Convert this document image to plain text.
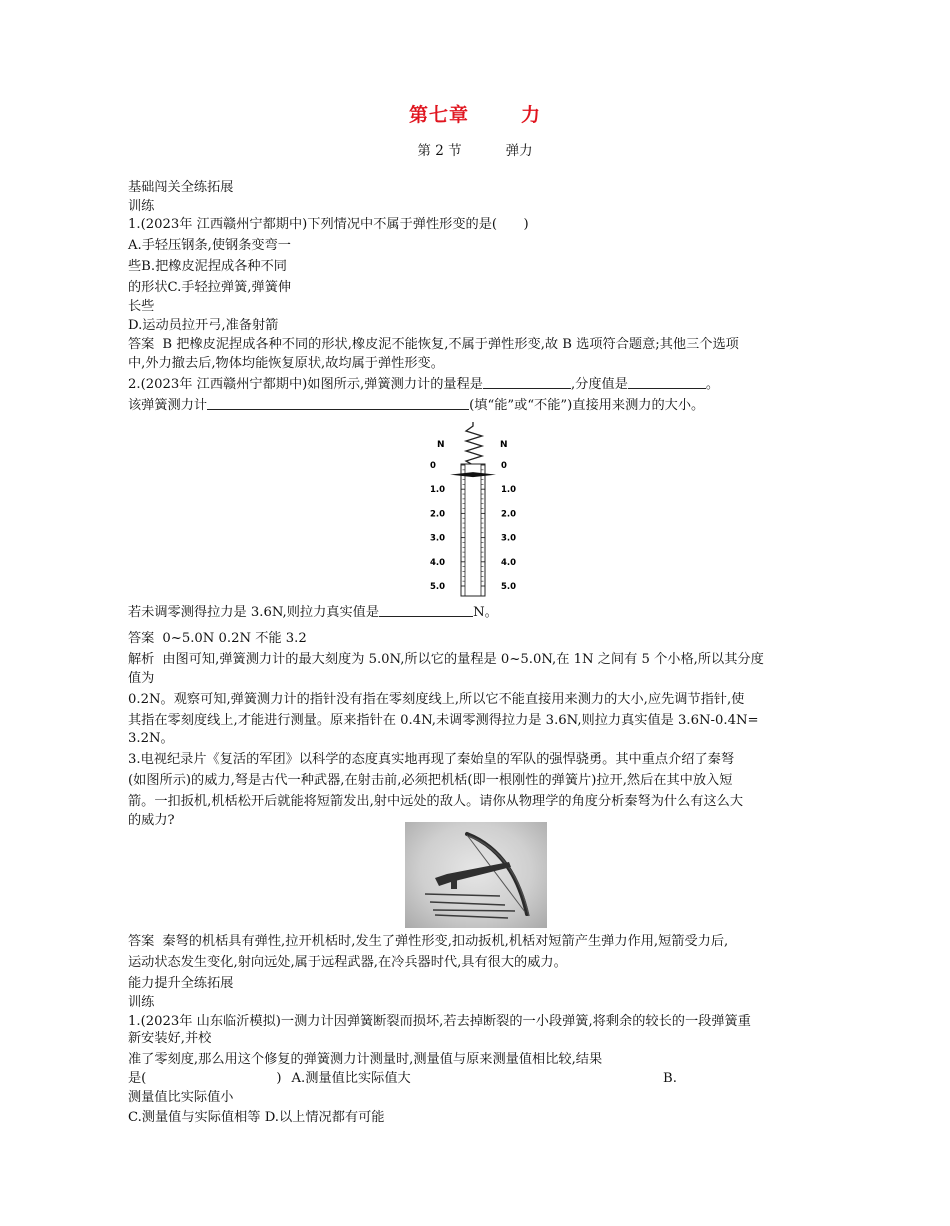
第七章	力
第 2 节	弹力
基础闯关全练拓展
训练
1.(2023年 江西赣州宁都期中)下列情况中不属于弹性形变的是(　　)
A.手轻压钢条,使钢条变弯一
些B.把橡皮泥捏成各种不同
的形状C.手轻拉弹簧,弹簧伸
长些
D.运动员拉开弓,准备射箭
答案 B 把橡皮泥捏成各种不同的形状,橡皮泥不能恢复,不属于弹性形变,故 B 选项符合题意;其他三个选项
中,外力撤去后,物体均能恢复原状,故均属于弹性形变。
2.(2023年 江西赣州宁都期中)如图所示,弹簧测力计的量程是	,分度值是	。
该弹簧测力计	(填“能”或“不能”)直接用来测力的大小。
N	N
0	0
1.0	1.0
2.0	2.0
3.0	3.0
4.0	4.0
5.0	5.0
若未调零测得拉力是 3.6N,则拉力真实值是	N。
答案 0~5.0N 0.2N 不能 3.2
解析 由图可知,弹簧测力计的最大刻度为 5.0N,所以它的量程是 0~5.0N,在 1N 之间有 5 个小格,所以其分度
值为
0.2N。观察可知,弹簧测力计的指针没有指在零刻度线上,所以它不能直接用来测力的大小,应先调节指针,使
其指在零刻度线上,才能进行测量。原来指针在 0.4N,未调零测得拉力是 3.6N,则拉力真实值是 3.6N-0.4N=
3.2N。
3.电视纪录片《复活的军团》以科学的态度真实地再现了秦始皇的军队的强悍骁勇。其中重点介绍了秦弩
(如图所示)的威力,弩是古代一种武器,在射击前,必须把机栝(即一根刚性的弹簧片)拉开,然后在其中放入短
箭。一扣扳机,机栝松开后就能将短箭发出,射中远处的敌人。请你从物理学的角度分析秦弩为什么有这么大
的威力?
答案 秦弩的机栝具有弹性,拉开机栝时,发生了弹性形变,扣动扳机,机栝对短箭产生弹力作用,短箭受力后,
运动状态发生变化,射向远处,属于远程武器,在冷兵器时代,具有很大的威力。
能力提升全练拓展
训练
1.(2023年 山东临沂模拟)一测力计因弹簧断裂而损坏,若去掉断裂的一小段弹簧,将剩余的较长的一段弹簧重
新安装好,并校
准了零刻度,那么用这个修复的弹簧测力计测量时,测量值与原来测量值相比较,结果
是(	) A.测量值比实际值大	B.
测量值比实际值小
C.测量值与实际值相等 D.以上情况都有可能
